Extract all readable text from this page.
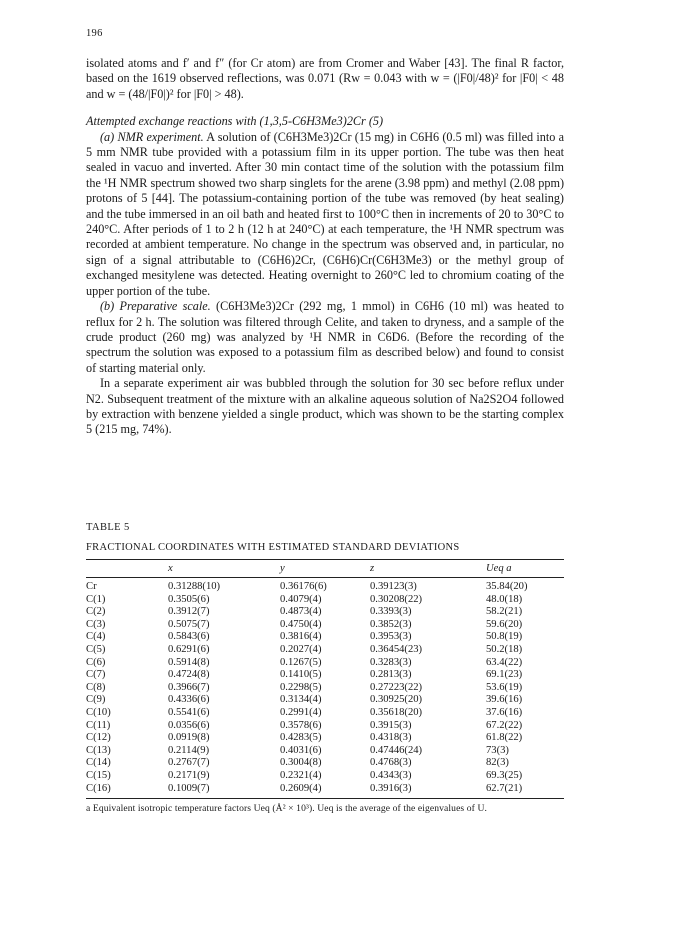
196

isolated atoms and f′ and f″ (for Cr atom) are from Cromer and Waber [43]. The final R factor, based on the 1619 observed reflections, was 0.071 (Rw = 0.043 with w = (|F0|/48)² for |F0| < 48 and w = (48/|F0|)² for |F0| > 48).

Attempted exchange reactions with (1,3,5-C6H3Me3)2Cr (5)

(a) NMR experiment. A solution of (C6H3Me3)2Cr (15 mg) in C6H6 (0.5 ml) was filled into a 5 mm NMR tube provided with a potassium film in its upper portion. The tube was then heat sealed in vacuo and inverted. After 30 min contact time of the solution with the potassium film the ¹H NMR spectrum showed two sharp singlets for the arene (3.98 ppm) and methyl (2.08 ppm) protons of 5 [44]. The potassium-containing portion of the tube was removed (by heat sealing) and the tube immersed in an oil bath and heated first to 100°C then in increments of 20 to 30°C to 240°C. After periods of 1 to 2 h (12 h at 240°C) at each temperature, the ¹H NMR spectrum was recorded at ambient temperature. No change in the spectrum was observed and, in particular, no sign of a signal attributable to (C6H6)2Cr, (C6H6)Cr(C6H3Me3) or the methyl group of exchanged mesitylene was detected. Heating overnight to 260°C led to chromium coating of the upper portion of the tube.

(b) Preparative scale. (C6H3Me3)2Cr (292 mg, 1 mmol) in C6H6 (10 ml) was heated to reflux for 2 h. The solution was filtered through Celite, and taken to dryness, and a sample of the crude product (260 mg) was analyzed by ¹H NMR in C6D6. (Before the recording of the spectrum the solution was exposed to a potassium film as described below) and found to consist of starting material only.

In a separate experiment air was bubbled through the solution for 30 sec before reflux under N2. Subsequent treatment of the mixture with an alkaline aqueous solution of Na2S2O4 followed by extraction with benzene yielded a single product, which was shown to be the starting complex 5 (215 mg, 74%).

TABLE 5

FRACTIONAL COORDINATES WITH ESTIMATED STANDARD DEVIATIONS

	x	y	z	Ueq a
Cr	0.31288(10)	0.36176(6)	0.39123(3)	35.84(20)
C(1)	0.3505(6)	0.4079(4)	0.30208(22)	48.0(18)
C(2)	0.3912(7)	0.4873(4)	0.3393(3)	58.2(21)
C(3)	0.5075(7)	0.4750(4)	0.3852(3)	59.6(20)
C(4)	0.5843(6)	0.3816(4)	0.3953(3)	50.8(19)
C(5)	0.6291(6)	0.2027(4)	0.36454(23)	50.2(18)
C(6)	0.5914(8)	0.1267(5)	0.3283(3)	63.4(22)
C(7)	0.4724(8)	0.1410(5)	0.2813(3)	69.1(23)
C(8)	0.3966(7)	0.2298(5)	0.27223(22)	53.6(19)
C(9)	0.4336(6)	0.3134(4)	0.30925(20)	39.6(16)
C(10)	0.5541(6)	0.2991(4)	0.35618(20)	37.6(16)
C(11)	0.0356(6)	0.3578(6)	0.3915(3)	67.2(22)
C(12)	0.0919(8)	0.4283(5)	0.4318(3)	61.8(22)
C(13)	0.2114(9)	0.4031(6)	0.47446(24)	73(3)
C(14)	0.2767(7)	0.3004(8)	0.4768(3)	82(3)
C(15)	0.2171(9)	0.2321(4)	0.4343(3)	69.3(25)
C(16)	0.1009(7)	0.2609(4)	0.3916(3)	62.7(21)

a Equivalent isotropic temperature factors Ueq (Å² × 10³). Ueq is the average of the eigenvalues of U.
